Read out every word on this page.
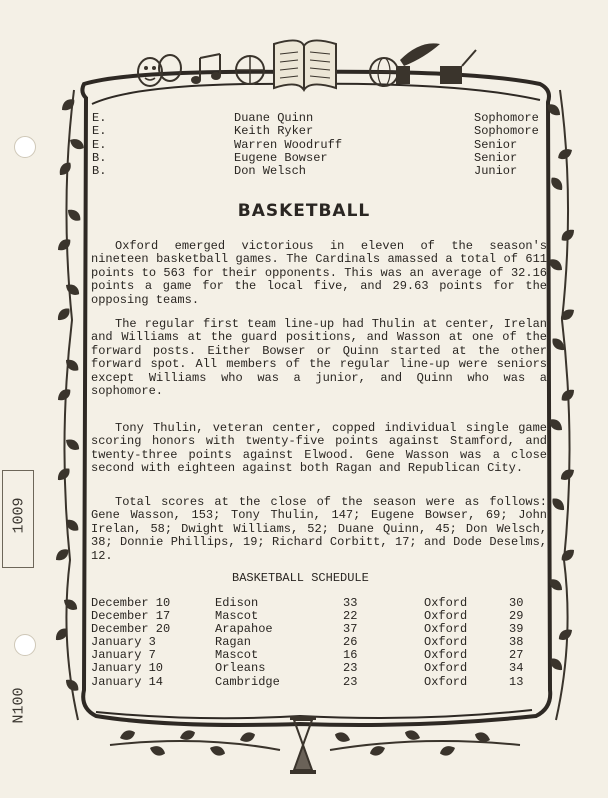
1009
N100
E.	Duane Quinn	Sophomore
E.	Keith Ryker	Sophomore
E.	Warren Woodruff	Senior
B.	Eugene Bowser	Senior
B.	Don Welsch	Junior
BASKETBALL

Oxford emerged victorious in eleven of the season's nineteen basketball games. The Cardinals amassed a total of 611 points to 563 for their opponents. This was an average of 32.16 points a game for the local five, and 29.63 points for the opposing teams.

The regular first team line-up had Thulin at center, Irelan and Williams at the guard positions, and Wasson at one of the forward posts. Either Bowser or Quinn started at the other forward spot. All members of the regular line-up were seniors except Williams who was a junior, and Quinn who was a sophomore.

Tony Thulin, veteran center, copped individual single game scoring honors with twenty-five points against Stamford, and twenty-three points against Elwood. Gene Wasson was a close second with eighteen against both Ragan and Republican City.

Total scores at the close of the season were as follows: Gene Wasson, 153; Tony Thulin, 147; Eugene Bowser, 69; John Irelan, 58; Dwight Williams, 52; Duane Quinn, 45; Don Welsch, 38; Donnie Phillips, 19; Richard Corbitt, 17; and Dode Deselms, 12.

BASKETBALL SCHEDULE
December 10	Edison	33	Oxford	30
December 17	Mascot	22	Oxford	29
December 20	Arapahoe	37	Oxford	39
January 3	Ragan	26	Oxford	38
January 7	Mascot	16	Oxford	27
January 10	Orleans	23	Oxford	34
January 14	Cambridge	23	Oxford	13
